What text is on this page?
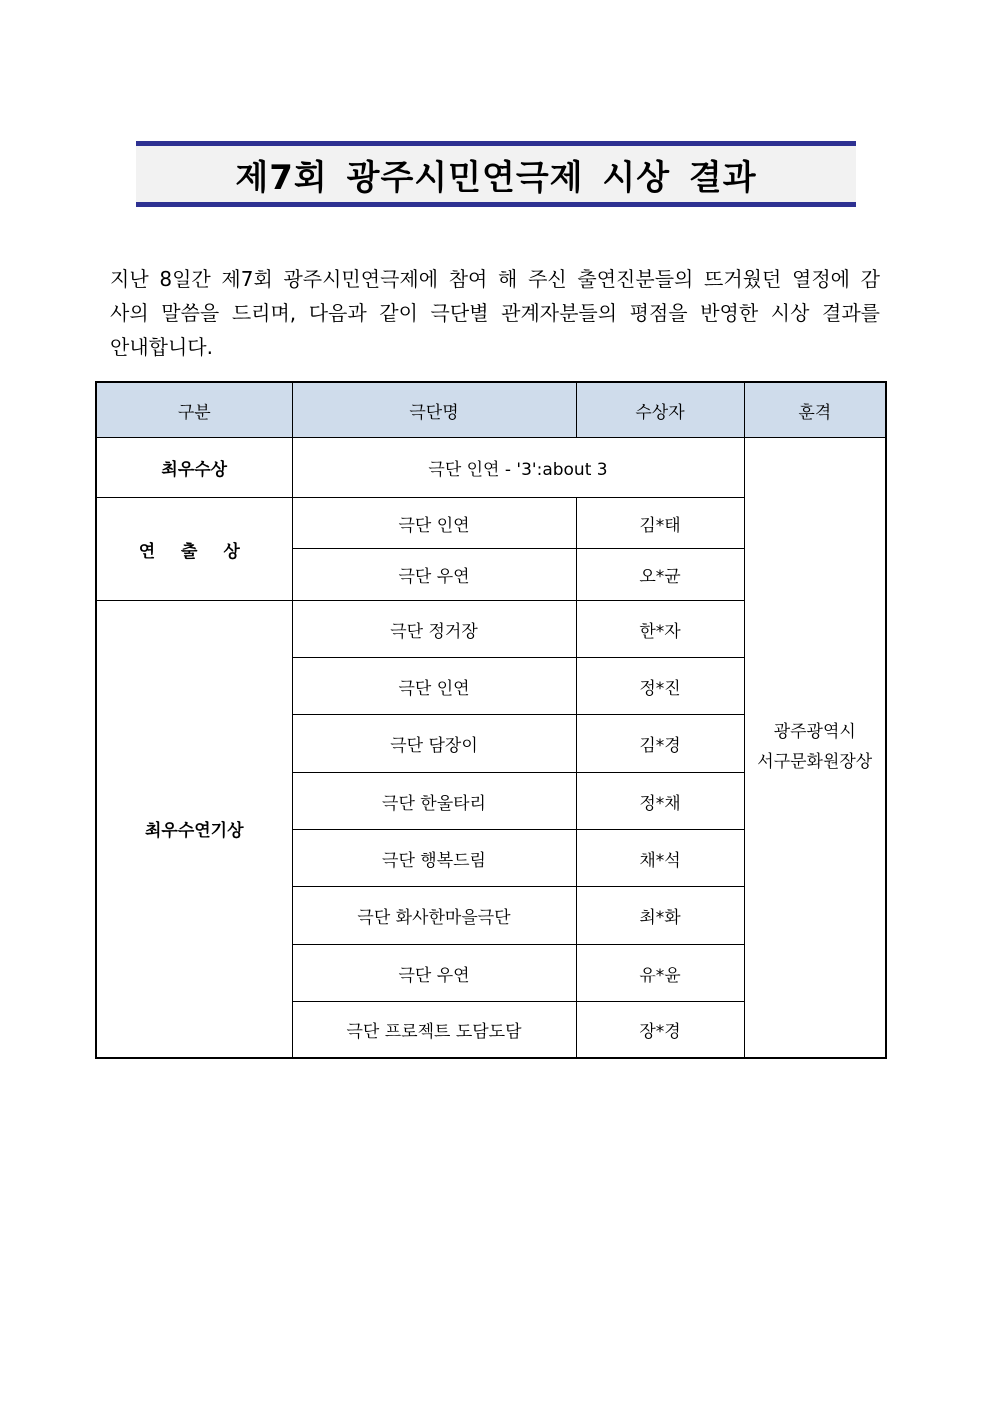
제7회 광주시민연극제 시상 결과

지난 8일간 제7회 광주시민연극제에 참여 해 주신 출연진분들의 뜨거웠던 열정에 감사의 말씀을 드리며, 다음과 같이 극단별 관계자분들의 평점을 반영한 시상 결과를 안내합니다.

구분	극단명	수상자	훈격
최우수상	극단 인연 - '3':about 3		광주광역시
서구문화원장상

연 출 상	극단 인연	김*태	
	극단 우연	오*균	
최우수연기상	극단 정거장	한*자	
	극단 인연	정*진	
	극단 담장이	김*경	
	극단 한울타리	정*채	
	극단 행복드림	채*석	
	극단 화사한마을극단	최*화	
	극단 우연	유*윤	
	극단 프로젝트 도담도담	장*경	
